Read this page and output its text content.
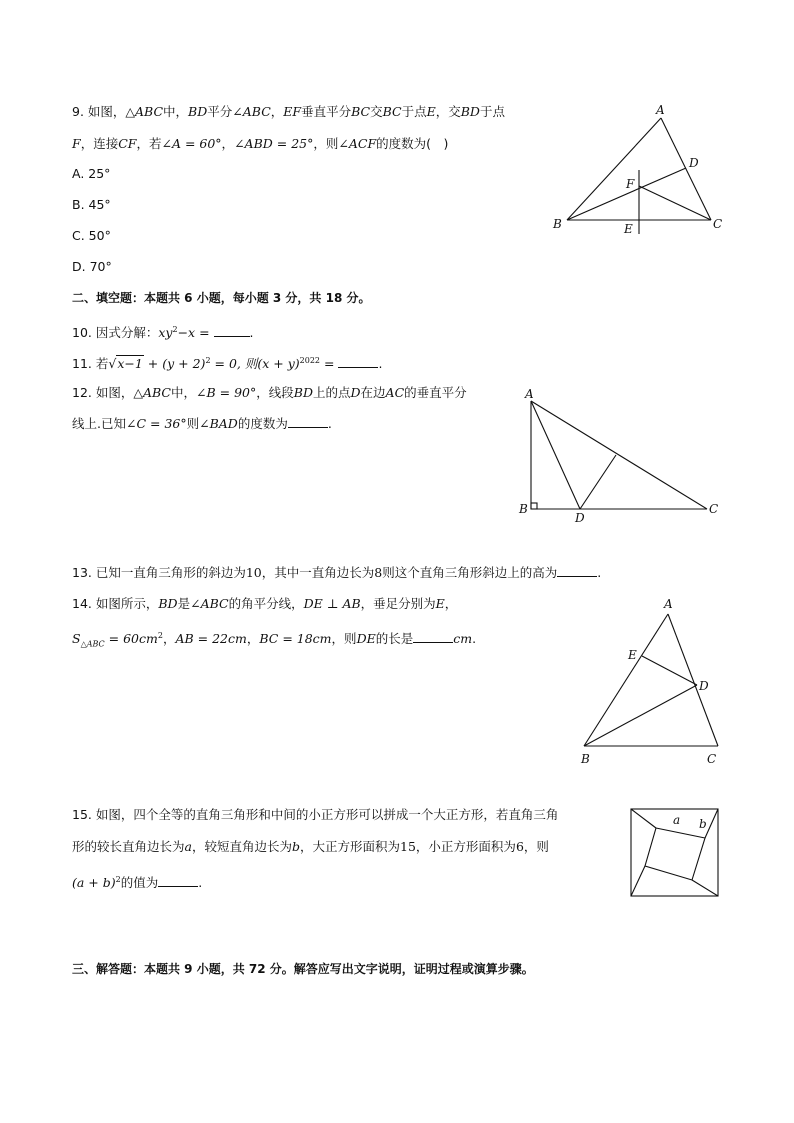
9. 如图，△ABC中，BD平分∠ABC，EF垂直平分BC交BC于点E，交BD于点
F，连接CF，若∠A = 60°，∠ABD = 25°，则∠ACF的度数为(　)
A. 25°
B. 45°
C. 50°
D. 70°
A
D
F
B	E	C
二、填空题：本题共 6 小题，每小题 3 分，共 18 分。
10. 因式分解：$xy^2-x$ =	.
11. 若$√x-1 + (y + 2)^2 = 0$, 则$(x + y)^{2022}$ =	.
12. 如图，△ABC中，∠B = 90°，线段BD上的点D在边AC的垂直平分
线上.已知∠C = 36°则∠BAD的度数为	.
A
B
D
C
13. 已知一直角三角形的斜边为10，其中一直角边长为8则这个直角三角形斜边上的高为	.
14. 如图所示，BD是∠ABC的角平分线，DE ⊥ AB，垂足分别为E，
$S_{\triangle ABC} = 60cm^2$，AB = 22cm，BC = 18cm，则DE的长是	cm.
A
E
D
B	C
15. 如图，四个全等的直角三角形和中间的小正方形可以拼成一个大正方形，若直角三角
形的较长直角边长为a，较短直角边长为b，大正方形面积为15，小正方形面积为6，则
$(a + b)^2$的值为	.
a b
三、解答题：本题共 9 小题，共 72 分。解答应写出文字说明，证明过程或演算步骤。
